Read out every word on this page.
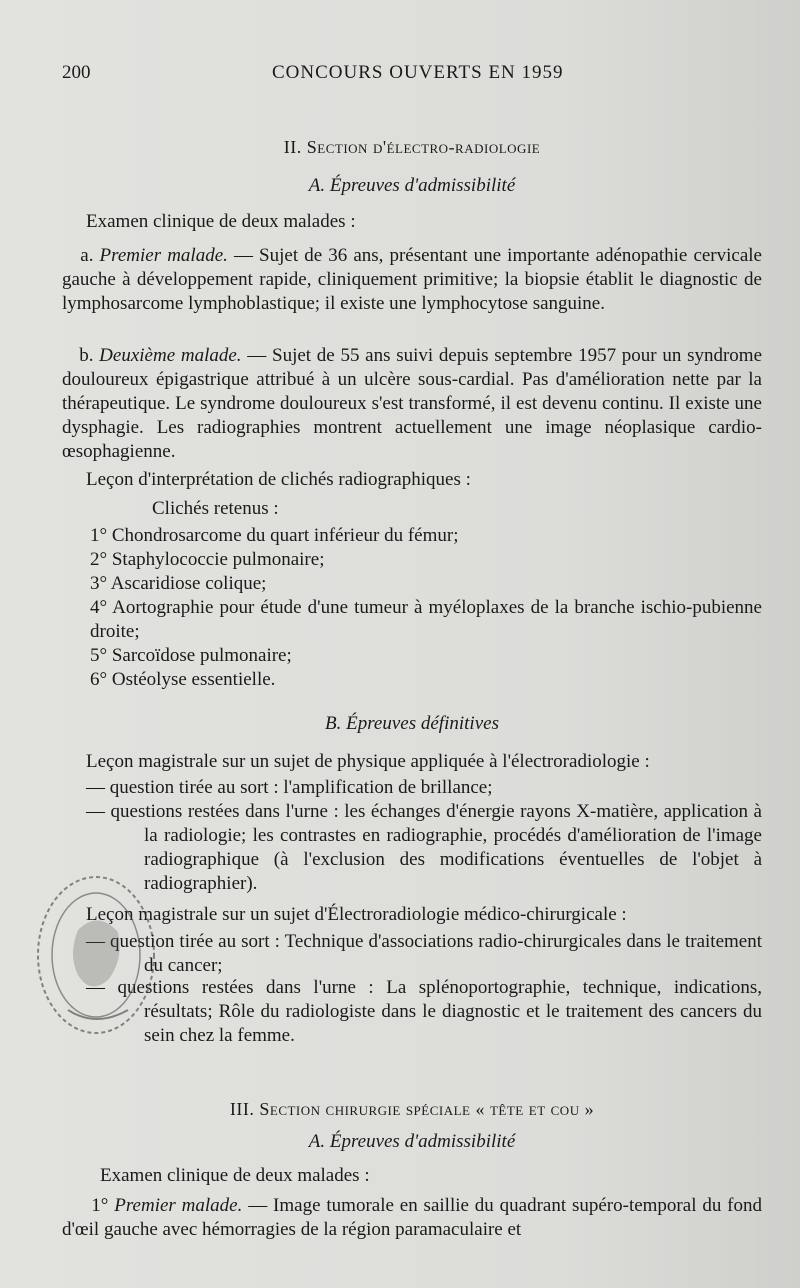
200	CONCOURS OUVERTS EN 1959
II. Section d'électro-radiologie
A. Épreuves d'admissibilité
Examen clinique de deux malades :
a. Premier malade. — Sujet de 36 ans, présentant une importante adénopathie cervicale gauche à développement rapide, cliniquement primitive; la biopsie établit le diagnostic de lymphosarcome lymphoblastique; il existe une lymphocytose sanguine.
b. Deuxième malade. — Sujet de 55 ans suivi depuis septembre 1957 pour un syndrome douloureux épigastrique attribué à un ulcère sous-cardial. Pas d'amélioration nette par la thérapeutique. Le syndrome douloureux s'est transformé, il est devenu continu. Il existe une dysphagie. Les radiographies montrent actuellement une image néoplasique cardio-œsophagienne.
Leçon d'interprétation de clichés radiographiques :
Clichés retenus :
1° Chondrosarcome du quart inférieur du fémur;
2° Staphylococcie pulmonaire;
3° Ascaridiose colique;
4° Aortographie pour étude d'une tumeur à myéloplaxes de la branche ischio-pubienne droite;
5° Sarcoïdose pulmonaire;
6° Ostéolyse essentielle.
B. Épreuves définitives
Leçon magistrale sur un sujet de physique appliquée à l'électroradiologie :
— question tirée au sort : l'amplification de brillance;
— questions restées dans l'urne : les échanges d'énergie rayons X-matière, application à la radiologie; les contrastes en radiographie, procédés d'amélioration de l'image radiographique (à l'exclusion des modifications éventuelles de l'objet à radiographier).
Leçon magistrale sur un sujet d'Électroradiologie médico-chirurgicale :
— question tirée au sort : Technique d'associations radio-chirurgicales dans le traitement du cancer;
— questions restées dans l'urne : La splénoportographie, technique, indications, résultats; Rôle du radiologiste dans le diagnostic et le traitement des cancers du sein chez la femme.
III. Section chirurgie spéciale « tête et cou »
A. Épreuves d'admissibilité
Examen clinique de deux malades :
1° Premier malade. — Image tumorale en saillie du quadrant supéro-temporal du fond d'œil gauche avec hémorragies de la région paramaculaire et
